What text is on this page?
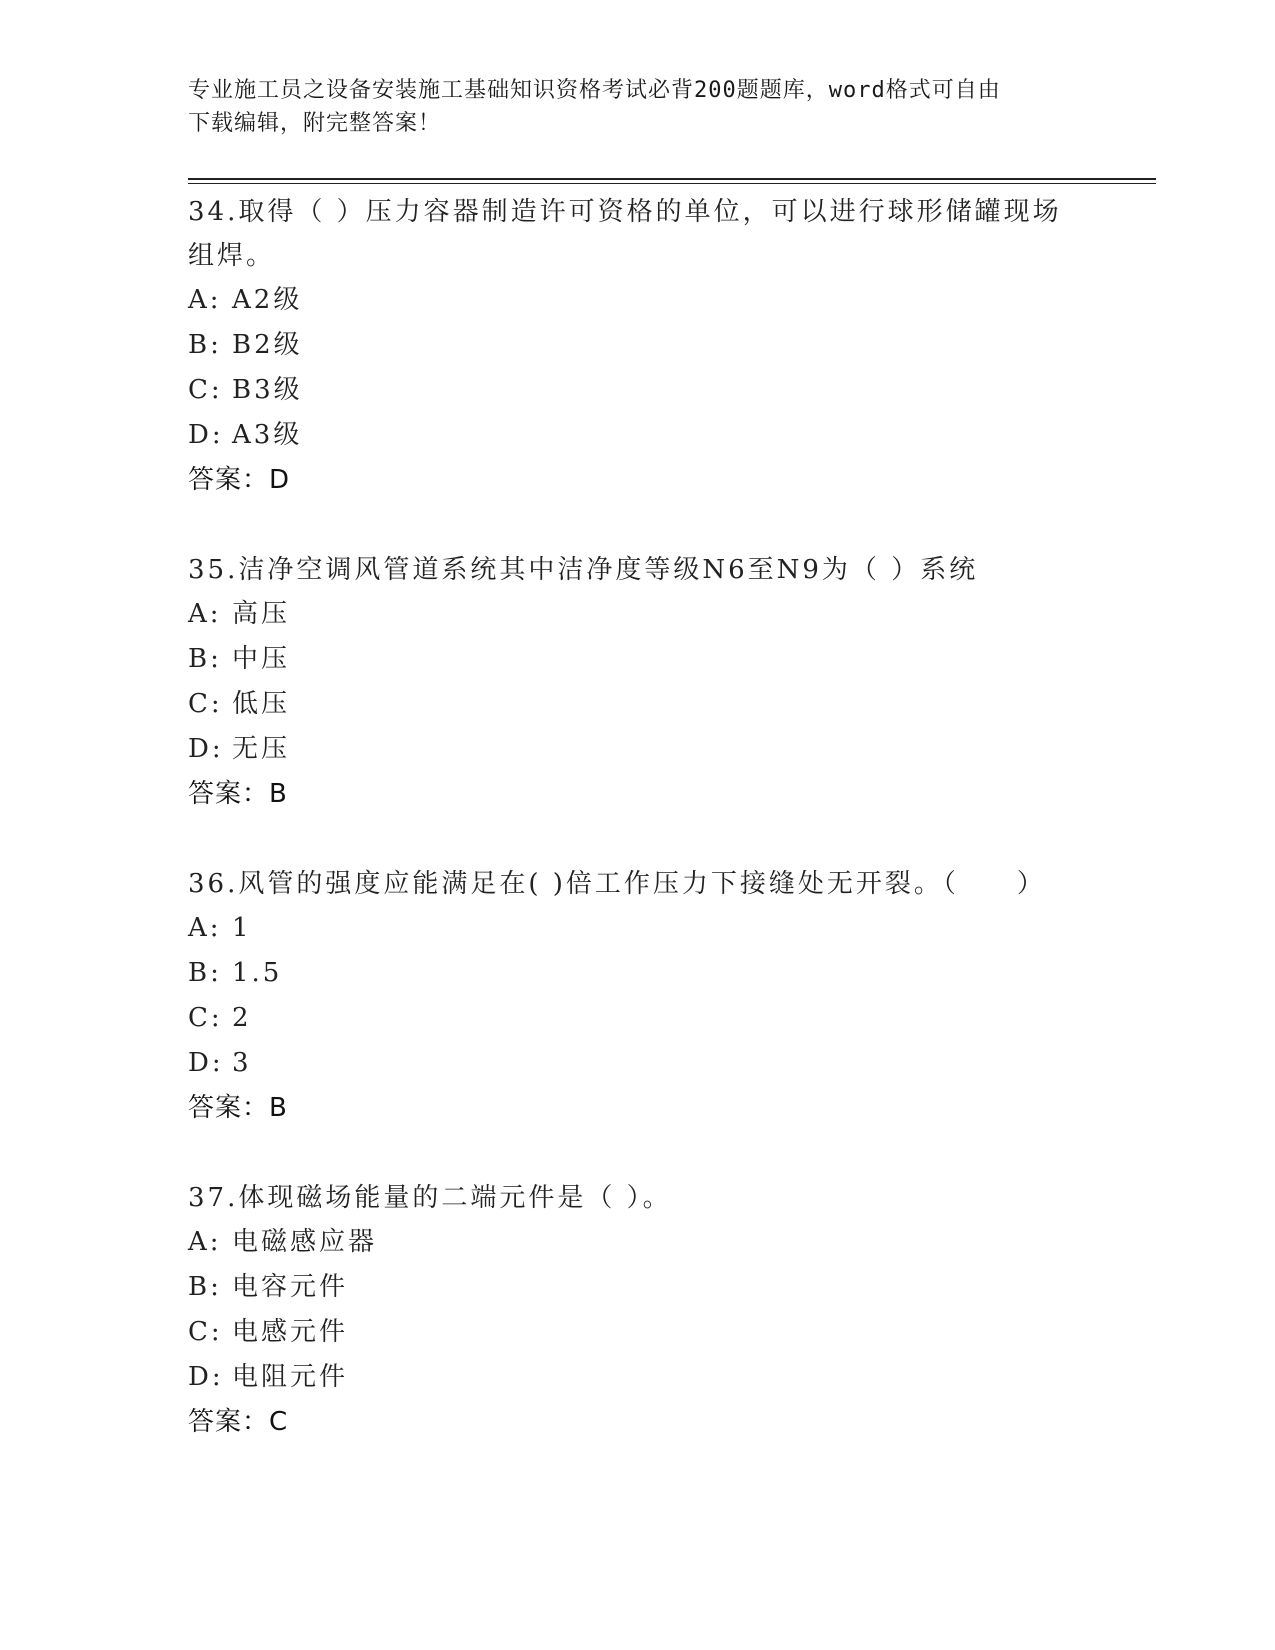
专业施工员之设备安装施工基础知识资格考试必背200题题库，word格式可自由
下载编辑，附完整答案！
34.取得（ ）压力容器制造许可资格的单位，可以进行球形储罐现场组焊。
A: A2级
B: B2级
C: B3级
D: A3级
答案：D
35.洁净空调风管道系统其中洁净度等级N6至N9为（ ）系统
A: 高压
B: 中压
C: 低压
D: 无压
答案：B
36.风管的强度应能满足在( )倍工作压力下接缝处无开裂。（　　）
A: 1
B: 1.5
C: 2
D: 3
答案：B
37.体现磁场能量的二端元件是（ ）。
A: 电磁感应器
B: 电容元件
C: 电感元件
D: 电阻元件
答案：C
